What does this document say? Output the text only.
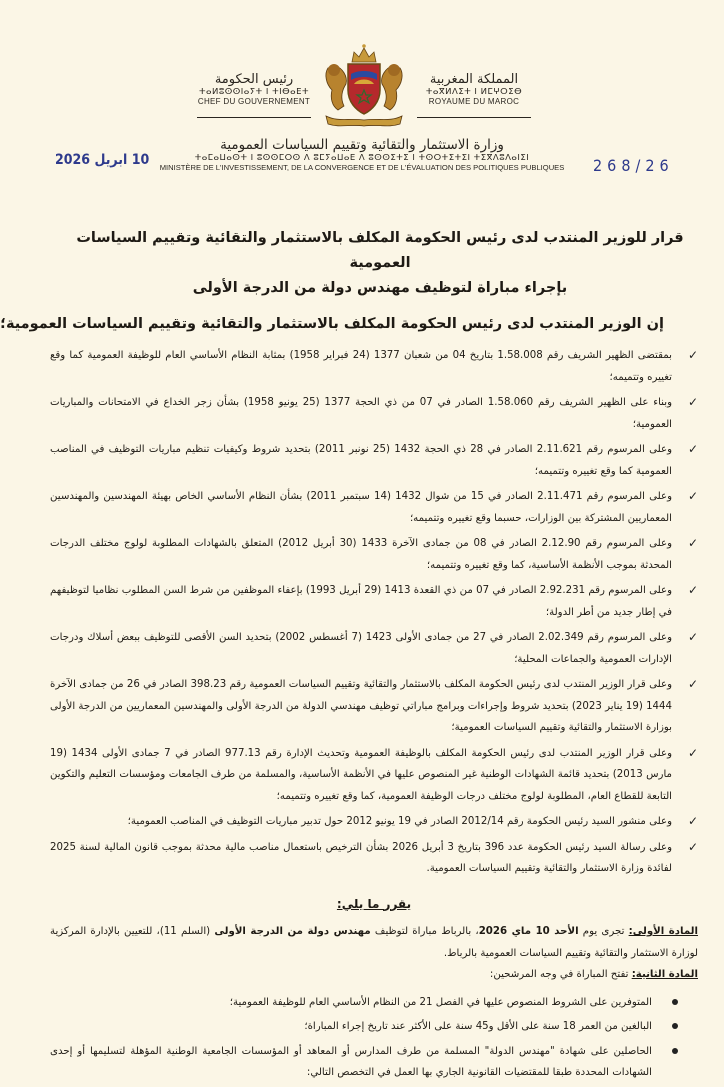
رئيس الحكومة
ⵜⴰⵍⵓⵙⵙⵏⴰⵢⵜ ⵏ ⵜⵏⴱⴰⴹⵜ
CHEF DU GOUVERNEMENT
المملكة المغربية
ⵜⴰⴳⵍⴷⵉⵜ ⵏ ⵍⵎⵖⵔⵉⴱ
ROYAUME DU MAROC
وزارة الاستثمار والتقائية وتقييم السياسات العمومية
ⵜⴰⵎⴰⵡⴰⵙⵜ ⵏ ⵓⵙⵙⵎⵔⵙ ⴷ ⵓⵎⵢⴰⵡⴰⴹ ⴷ ⵓⵙⵙⵉⵜⵉ ⵏ ⵜⵙⵔⵜⵉⵜⵉⵏ ⵜⵉⴳⴷⵓⴷⴰⵏⵉⵏ
MINISTÈRE DE L'INVESTISSEMENT, DE LA CONVERGENCE ET DE L'ÉVALUATION DES POLITIQUES PUBLIQUES
10 ابريل 2026	268/26
قرار للوزير المنتدب لدى رئيس الحكومة المكلف بالاستثمار والتقائية وتقييم السياسات العمومية
بإجراء مباراة لتوظيف مهندس دولة من الدرجة الأولى
إن الوزير المنتدب لدى رئيس الحكومة المكلف بالاستثمار والتقائية وتقييم السياسات العمومية؛
✓
بمقتضى الظهير الشريف رقم 1.58.008 بتاريخ 04 من شعبان 1377 (24 فبراير 1958) بمثابة النظام الأساسي العام للوظيفة العمومية كما وقع تغييره وتتميمه؛
✓
وبناء على الظهير الشريف رقم 1.58.060 الصادر في 07 من ذي الحجة 1377 (25 يونيو 1958) بشأن زجر الخداع في الامتحانات والمباريات العمومية؛
✓
وعلى المرسوم رقم 2.11.621 الصادر في 28 ذي الحجة 1432 (25 نونبر 2011) بتحديد شروط وكيفيات تنظيم مباريات التوظيف في المناصب العمومية كما وقع تغييره وتتميمه؛
✓
وعلى المرسوم رقم 2.11.471 الصادر في 15 من شوال 1432 (14 سبتمبر 2011) بشأن النظام الأساسي الخاص بهيئة المهندسين والمهندسين المعماريين المشتركة بين الوزارات، حسبما وقع تغييره وتتميمه؛
✓
وعلى المرسوم رقم 2.12.90 الصادر في 08 من جمادى الآخرة 1433 (30 أبريل 2012) المتعلق بالشهادات المطلوبة لولوج مختلف الدرجات المحدثة بموجب الأنظمة الأساسية، كما وقع تغييره وتتميمه؛
✓
وعلى المرسوم رقم 2.92.231 الصادر في 07 من ذي القعدة 1413 (29 أبريل 1993) بإعفاء الموظفين من شرط السن المطلوب نظاميا لتوظيفهم في إطار جديد من أطر الدولة؛
✓
وعلى المرسوم رقم 2.02.349 الصادر في 27 من جمادى الأولى 1423 (7 أغسطس 2002) بتحديد السن الأقصى للتوظيف ببعض أسلاك ودرجات الإدارات العمومية والجماعات المحلية؛
✓
وعلى قرار الوزير المنتدب لدى رئيس الحكومة المكلف بالاستثمار والتقائية وتقييم السياسات العمومية رقم 398.23 الصادر في 26 من جمادى الآخرة 1444 (19 يناير 2023) بتحديد شروط وإجراءات وبرامج مباراتي توظيف مهندسي الدولة من الدرجة الأولى والمهندسين المعماريين من الدرجة الأولى بوزارة الاستثمار والتقائية وتقييم السياسات العمومية؛
✓
وعلى قرار الوزير المنتدب لدى رئيس الحكومة المكلف بالوظيفة العمومية وتحديث الإدارة رقم 977.13 الصادر في 7 جمادى الأولى 1434 (19 مارس 2013) بتحديد قائمة الشهادات الوطنية غير المنصوص عليها في الأنظمة الأساسية، والمسلمة من طرف الجامعات ومؤسسات التعليم والتكوين التابعة للقطاع العام، المطلوبة لولوج مختلف درجات الوظيفة العمومية، كما وقع تغييره وتتميمه؛
✓
وعلى منشور السيد رئيس الحكومة رقم 2012/14 الصادر في 19 يونيو 2012 حول تدبير مباريات التوظيف في المناصب العمومية؛
✓
وعلى رسالة السيد رئيس الحكومة عدد 396 بتاريخ 3 أبريل 2026 بشأن الترخيص باستعمال مناصب مالية محدثة بموجب قانون المالية لسنة 2025 لفائدة وزارة الاستثمار والتقائية وتقييم السياسات العمومية.
يقرر ما يلي:

المادة الأولى: تجرى يوم الأحد 10 ماي 2026، بالرباط مباراة لتوظيف مهندس دولة من الدرجة الأولى (السلم 11)، للتعيين بالإدارة المركزية لوزارة الاستثمار والتقائية وتقييم السياسات العمومية بالرباط.

المادة الثانية: تفتح المباراة في وجه المرشحين:

المتوفرين على الشروط المنصوص عليها في الفصل 21 من النظام الأساسي العام للوظيفة العمومية؛
البالغين من العمر 18 سنة على الأقل و45 سنة على الأكثر عند تاريخ إجراء المباراة؛
الحاصلين على شهادة "مهندس الدولة" المسلمة من طرف المدارس أو المعاهد أو المؤسسات الجامعية الوطنية المؤهلة لتسليمها أو إحدى الشهادات المحددة طبقا للمقتضيات القانونية الجاري بها العمل في التخصص التالي:
